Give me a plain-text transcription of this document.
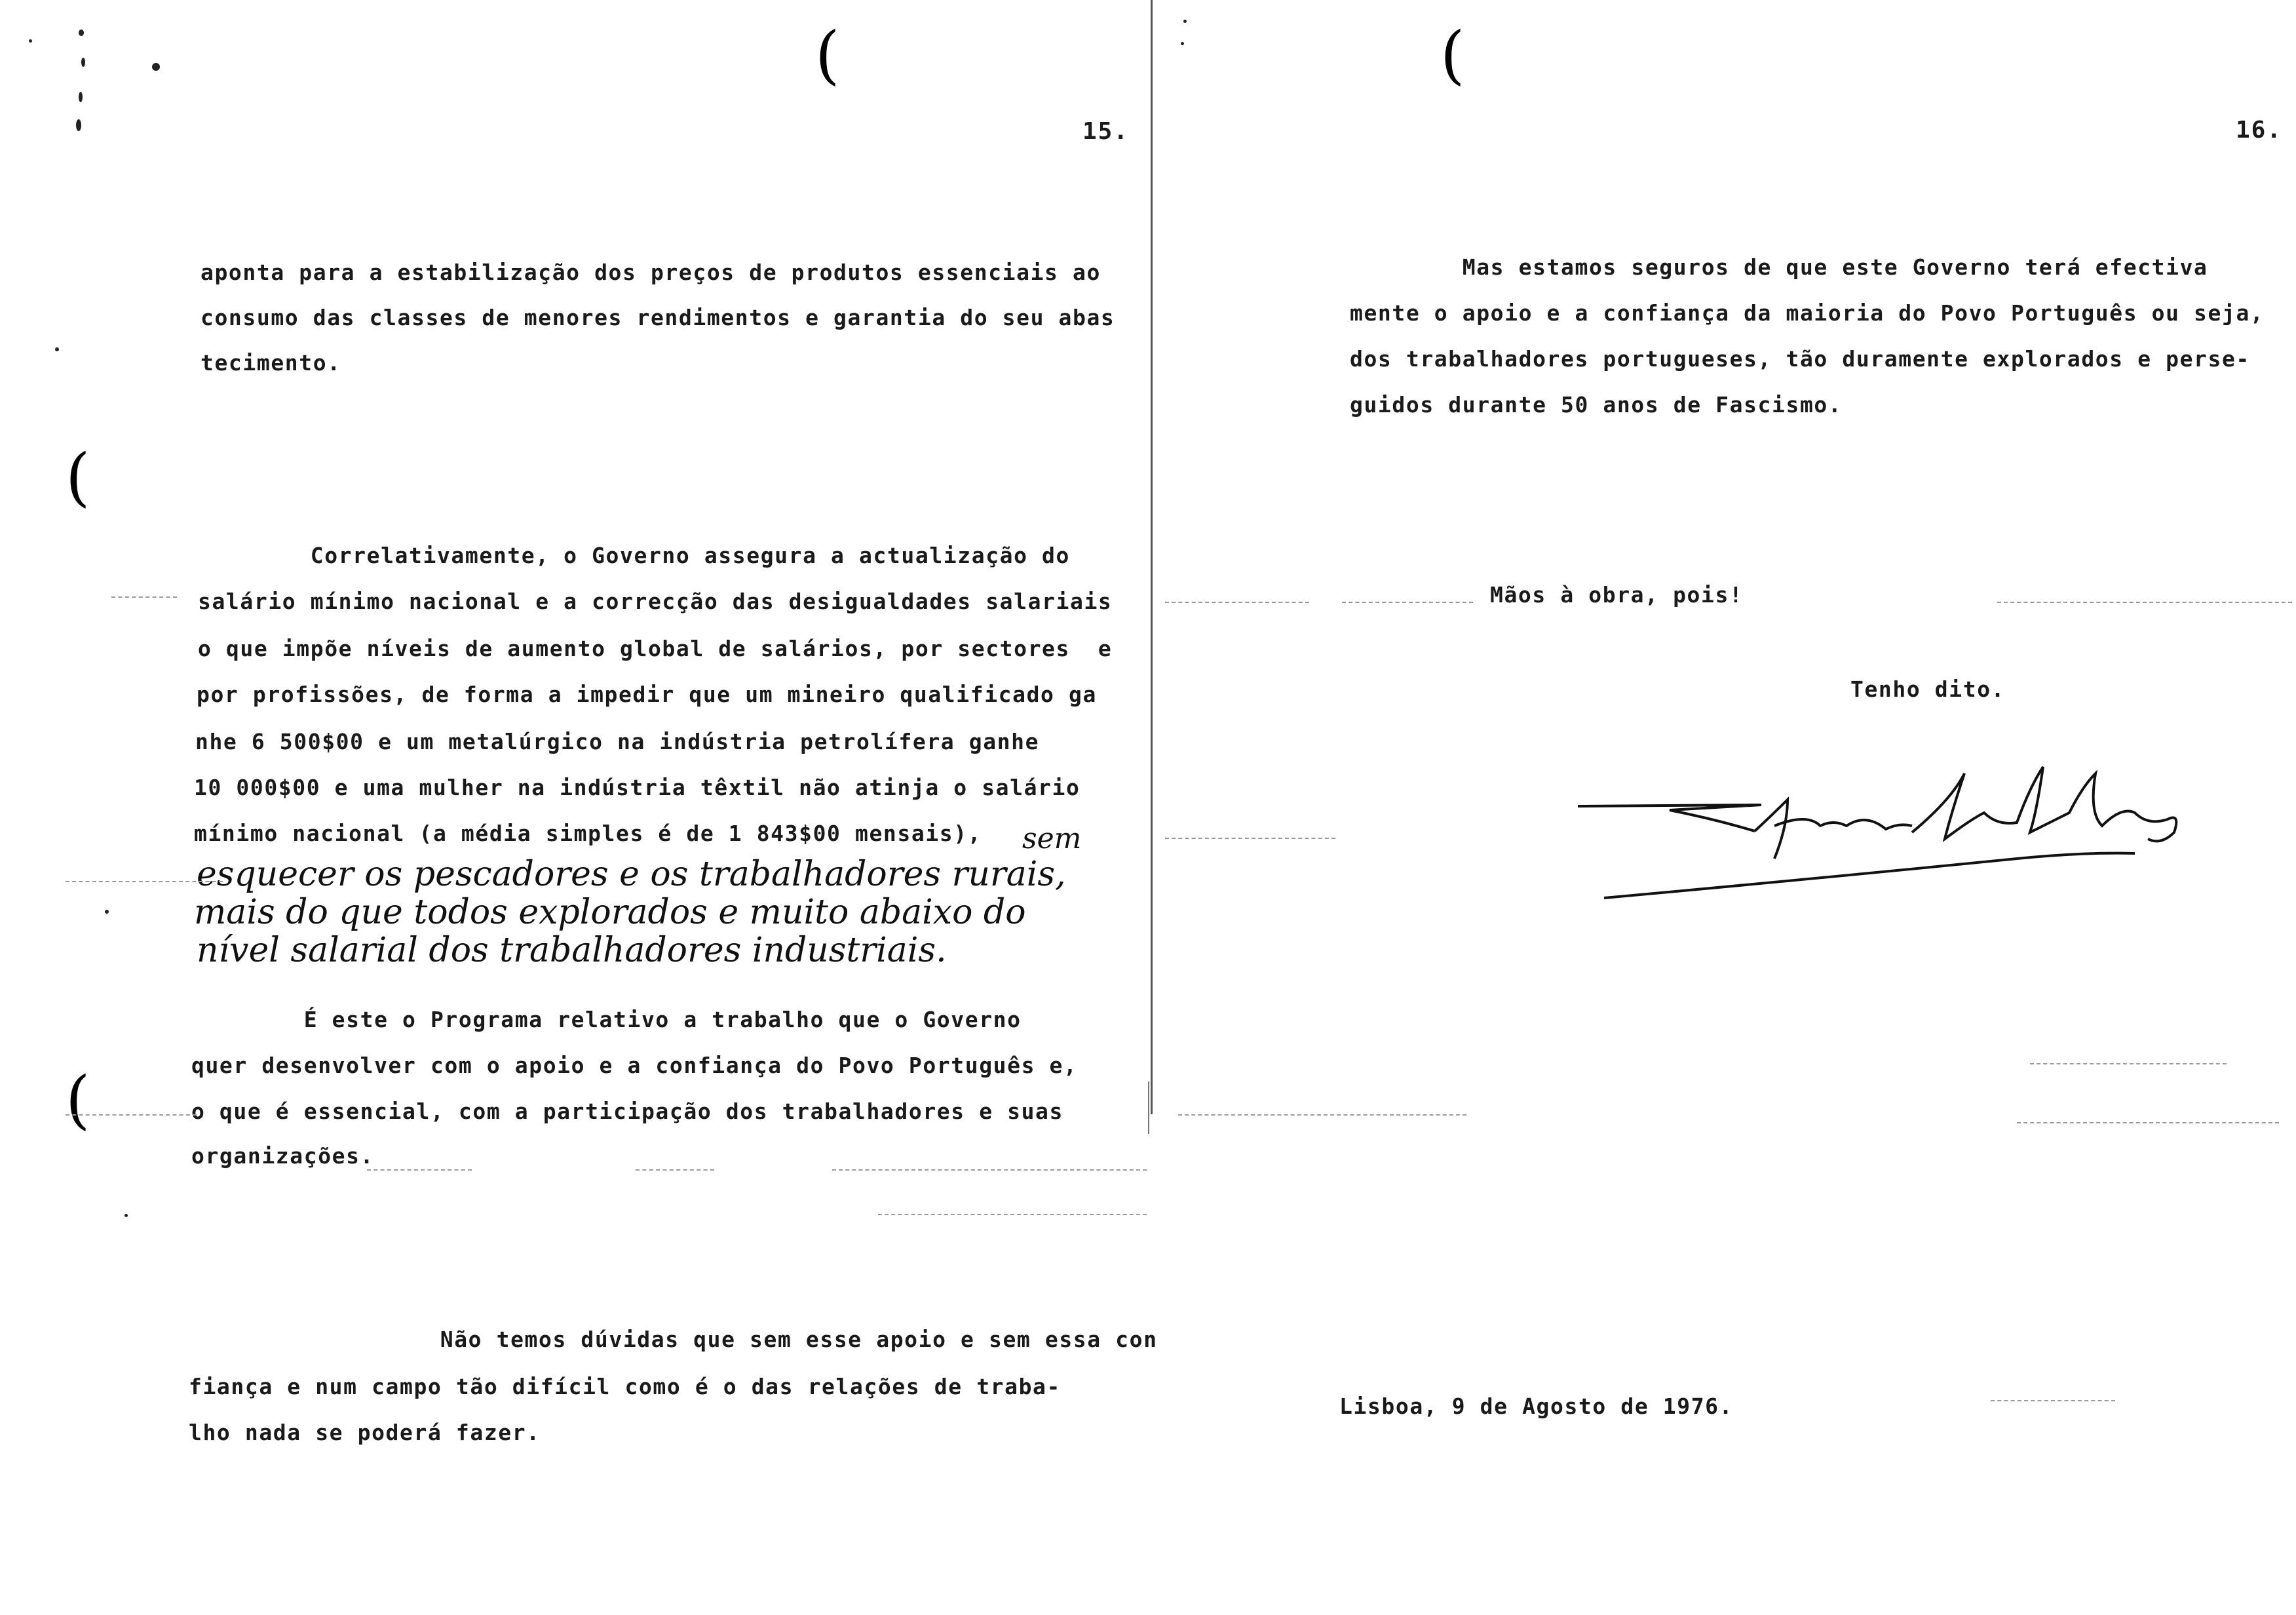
(
(
(
15.
aponta para a estabilização dos preços de produtos essenciais ao
consumo das classes de menores rendimentos e garantia do seu abas
tecimento.
Correlativamente, o Governo assegura a actualização do
salário mínimo nacional e a correcção das desigualdades salariais
o que impõe níveis de aumento global de salários, por sectores  e
por profissões, de forma a impedir que um mineiro qualificado ga
nhe 6 500$00 e um metalúrgico na indústria petrolífera ganhe
10 000$00 e uma mulher na indústria têxtil não atinja o salário
mínimo nacional (a média simples é de 1 843$00 mensais), sem
esquecer os pescadores e os trabalhadores rurais,
mais do que todos explorados e muito abaixo do
nível salarial dos trabalhadores industriais.
É este o Programa relativo a trabalho que o Governo
quer desenvolver com o apoio e a confiança do Povo Português e,
o que é essencial, com a participação dos trabalhadores e suas
organizações.
Não temos dúvidas que sem esse apoio e sem essa con
fiança e num campo tão difícil como é o das relações de traba-
lho nada se poderá fazer.
(
16.
Mas estamos seguros de que este Governo terá efectiva
mente o apoio e a confiança da maioria do Povo Português ou seja,
dos trabalhadores portugueses, tão duramente explorados e perse-
guidos durante 50 anos de Fascismo.
Mãos à obra, pois!
Tenho dito.
Lisboa, 9 de Agosto de 1976.
